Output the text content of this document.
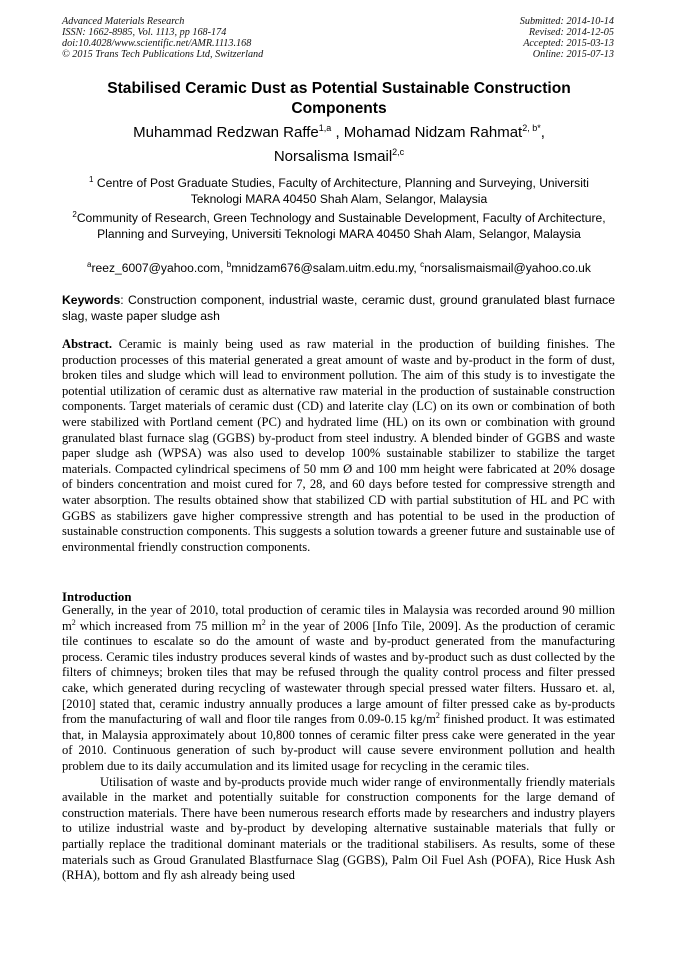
Advanced Materials Research
ISSN: 1662-8985, Vol. 1113, pp 168-174
doi:10.4028/www.scientific.net/AMR.1113.168
© 2015 Trans Tech Publications Ltd, Switzerland
Submitted: 2014-10-14
Revised: 2014-12-05
Accepted: 2015-03-13
Online: 2015-07-13
Stabilised Ceramic Dust as Potential Sustainable Construction Components
Muhammad Redzwan Raffe$^{1,a}$ , Mohamad Nidzam Rahmat$^{2, b*}$,
Norsalisma Ismail$^{2,c}$
$^1$ Centre of Post Graduate Studies, Faculty of Architecture, Planning and Surveying, Universiti Teknologi MARA 40450 Shah Alam, Selangor, Malaysia
$^2$Community of Research, Green Technology and Sustainable Development, Faculty of Architecture, Planning and Surveying, Universiti Teknologi MARA 40450 Shah Alam, Selangor, Malaysia
$^a$reez_6007@yahoo.com, $^b$mnidzam676@salam.uitm.edu.my, $^c$norsalismaismail@yahoo.co.uk
Keywords: Construction component, industrial waste, ceramic dust, ground granulated blast furnace slag, waste paper sludge ash
Abstract. Ceramic is mainly being used as raw material in the production of building finishes. The production processes of this material generated a great amount of waste and by-product in the form of dust, broken tiles and sludge which will lead to environment pollution. The aim of this study is to investigate the potential utilization of ceramic dust as alternative raw material in the production of sustainable construction components. Target materials of ceramic dust (CD) and laterite clay (LC) on its own or combination of both were stabilized with Portland cement (PC) and hydrated lime (HL) on its own or combination with ground granulated blast furnace slag (GGBS) by-product from steel industry. A blended binder of GGBS and waste paper sludge ash (WPSA) was also used to develop 100% sustainable stabilizer to stabilize the target materials. Compacted cylindrical specimens of 50 mm Ø and 100 mm height were fabricated at 20% dosage of binders concentration and moist cured for 7, 28, and 60 days before tested for compressive strength and water absorption. The results obtained show that stabilized CD with partial substitution of HL and PC with GGBS as stabilizers gave higher compressive strength and has potential to be used in the production of sustainable construction components. This suggests a solution towards a greener future and sustainable use of environmental friendly construction components.
Introduction

Generally, in the year of 2010, total production of ceramic tiles in Malaysia was recorded around 90 million $m^2$ which increased from 75 million $m^2$ in the year of 2006 [Info Tile, 2009]. As the production of ceramic tile continues to escalate so do the amount of waste and by-product generated from the manufacturing process. Ceramic tiles industry produces several kinds of wastes and by-product such as dust collected by the filters of chimneys; broken tiles that may be refused through the quality control process and filter pressed cake, which generated during recycling of wastewater through special pressed water filters. Hussaro et. al, [2010] stated that, ceramic industry annually produces a large amount of filter pressed cake as by-products from the manufacturing of wall and floor tile ranges from 0.09-0.15 $kg/m^2$ finished product. It was estimated that, in Malaysia approximately about 10,800 tonnes of ceramic filter press cake were generated in the year of 2010. Continuous generation of such by-product will cause severe environment pollution and health problem due to its daily accumulation and its limited usage for recycling in the ceramic tiles.

Utilisation of waste and by-products provide much wider range of environmentally friendly materials available in the market and potentially suitable for construction components for the large demand of construction materials. There have been numerous research efforts made by researchers and industry players to utilize industrial waste and by-product by developing alternative sustainable materials that fully or partially replace the traditional dominant materials or the traditional stabilisers. As results, some of these materials such as Groud Granulated Blastfurnace Slag (GGBS), Palm Oil Fuel Ash (POFA), Rice Husk Ash (RHA), bottom and fly ash already being used
